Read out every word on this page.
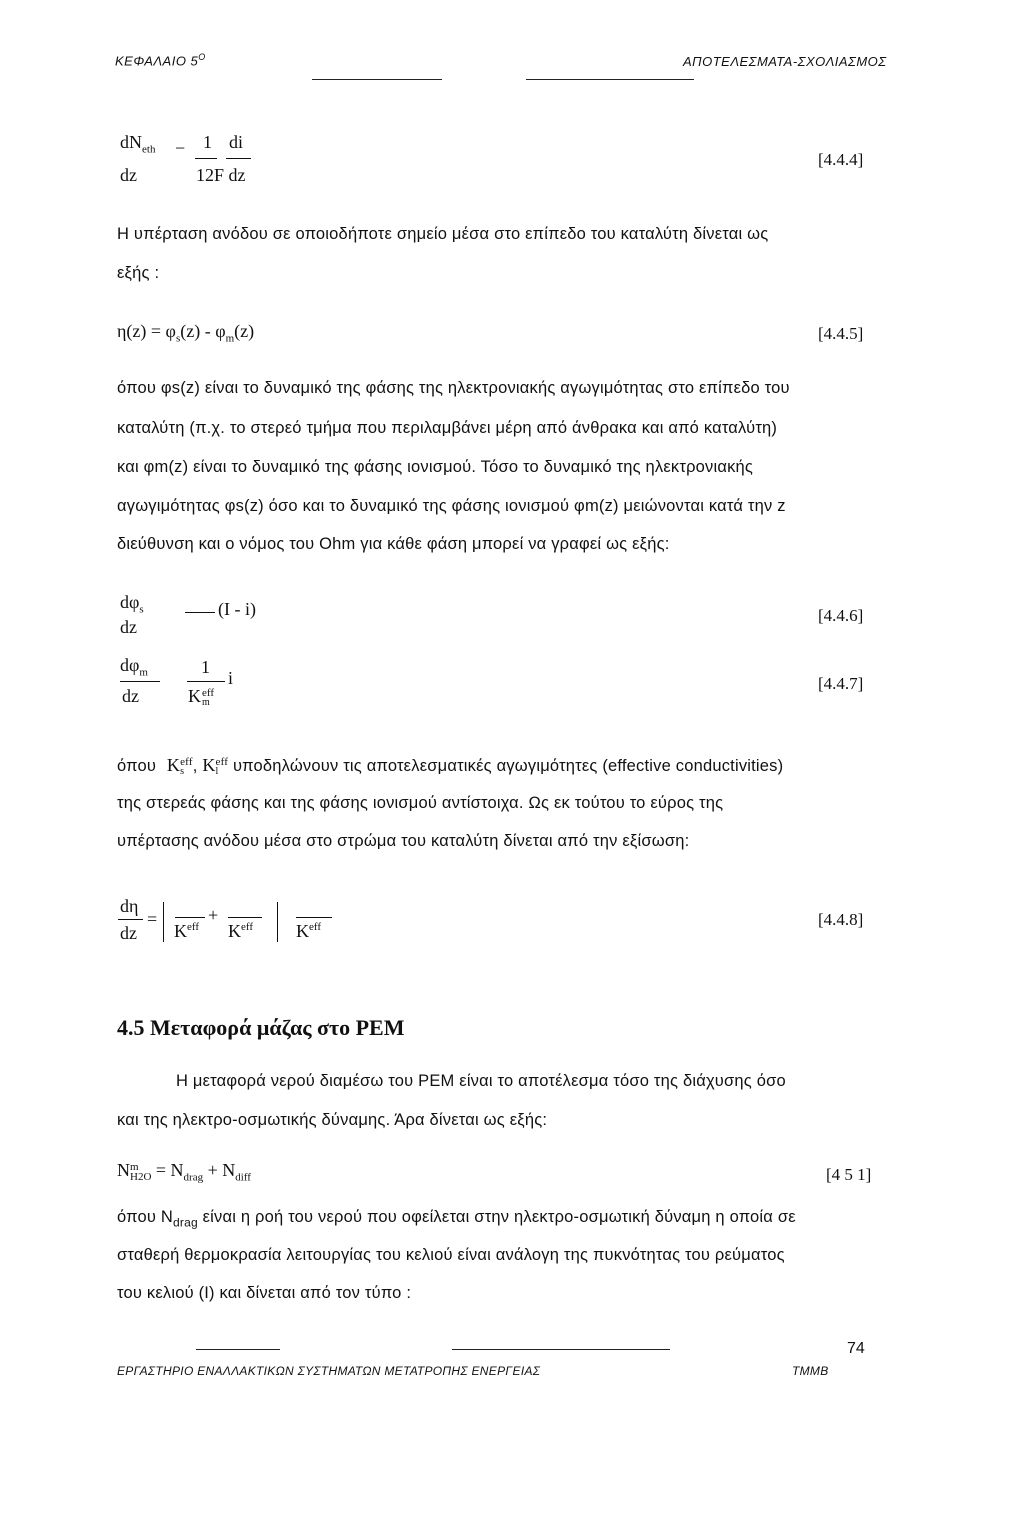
ΚΕΦΑΛΑΙΟ $5^O$	ΑΠΟΤΕΛΕΣΜΑΤΑ-ΣΧΟΛΙΑΣΜΟΣ
$dN_{eth} - 1$ di
dz	12F dz
[4.4.4]
Η υπέρταση ανόδου σε οποιοδήποτε σημείο μέσα στο επίπεδο του καταλύτη δίνεται ως
εξής :
$\eta(z) = \varphi_s(z) - \varphi_m(z)$	[4.4.5]
όπου φs(z) είναι το δυναμικό της φάσης της ηλεκτρονιακής αγωγιμότητας στο επίπεδο του
καταλύτη (π.χ. το στερεό τμήμα που περιλαμβάνει μέρη από άνθρακα και από καταλύτη)
και φm(z) είναι το δυναμικό της φάσης ιονισμού. Τόσο το δυναμικό της ηλεκτρονιακής
αγωγιμότητας φs(z) όσο και το δυναμικό της φάσης ιονισμού φm(z) μειώνονται κατά την z
διεύθυνση και ο νόμος του Ohm για κάθε φάση μπορεί να γραφεί ως εξής:
$d\varphi_s$
dz
(I - i)	[4.4.6]
$d\varphi_m$
dz
1
K eff
m
i	[4.4.7]
όπου K eff
s , K eff
l υποδηλώνουν τις αποτελεσματικές αγωγιμότητες (effective conductivities)
της στερεάς φάσης και της φάσης ιονισμού αντίστοιχα. Ως εκ τούτου το εύρος της
υπέρτασης ανόδου μέσα στο στρώμα του καταλύτη δίνεται από την εξίσωση:
dη
dz
=
$K^{eff}$
+
$K^{eff}$ $K^{eff}$	[4.4.8]
4.5 Μεταφορά μάζας στο PEM
Η μεταφορά νερού διαμέσω του PEM είναι το αποτέλεσμα τόσο της διάχυσης όσο
και της ηλεκτρο-οσμωτικής δύναμης. Άρα δίνεται ως εξής:
N m
$H2O = N_{drag} + N_{diff}$	[4 5 1]
όπου $N_{drag}$ είναι η ροή του νερού που οφείλεται στην ηλεκτρο-οσμωτική δύναμη η οποία σε
σταθερή θερμοκρασία λειτουργίας του κελιού είναι ανάλογη της πυκνότητας του ρεύματος
του κελιού (I) και δίνεται από τον τύπο :
74
ΕΡΓΑΣΤΗΡΙΟ ΕΝΑΛΛΑΚΤΙΚΩΝ ΣΥΣΤΗΜΑΤΩΝ ΜΕΤΑΤΡΟΠΗΣ ΕΝΕΡΓΕΙΑΣ	ΤΜΜΒ
